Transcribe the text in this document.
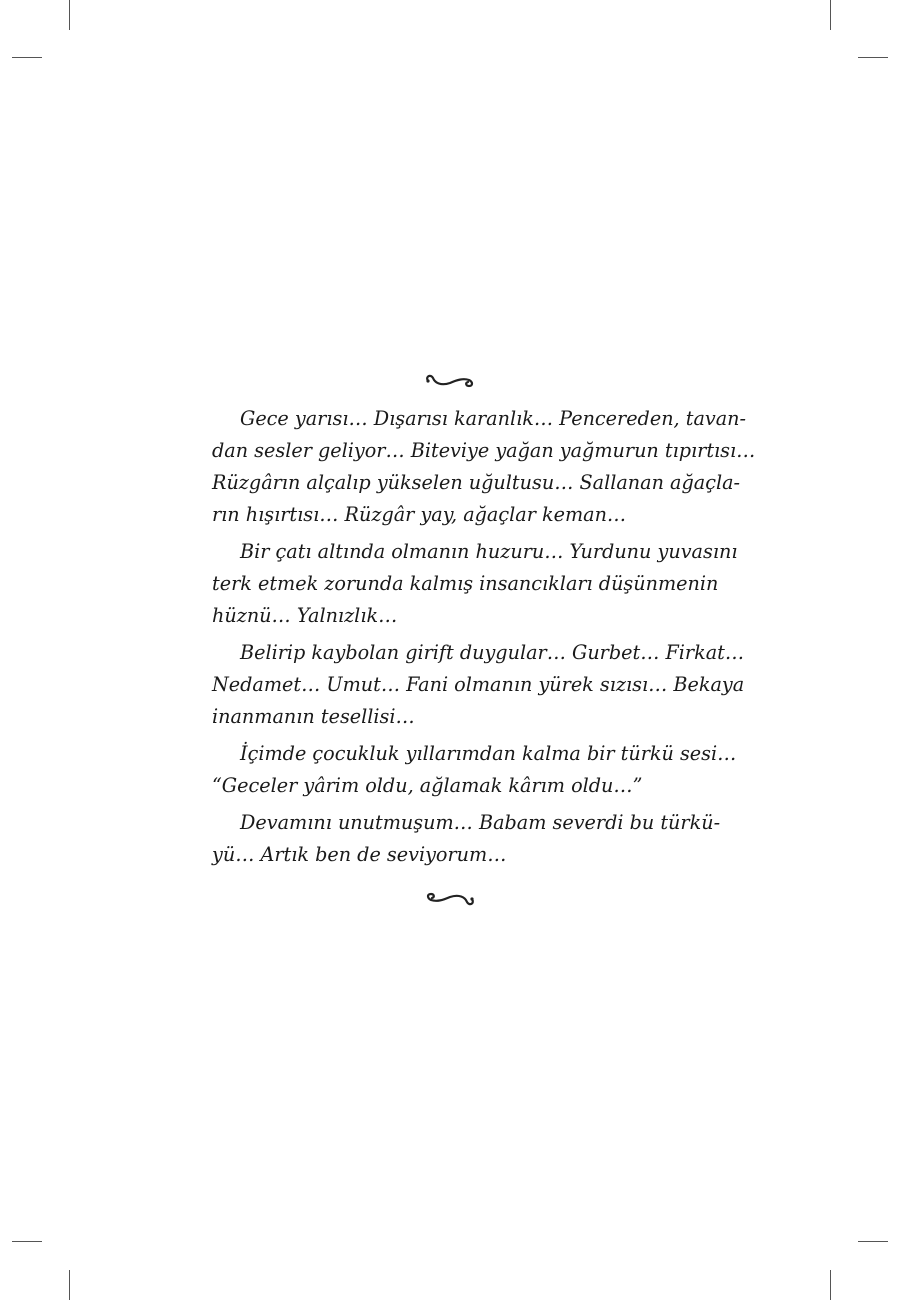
Gece yarısı… Dışarısı karanlık… Pencereden, tavan-
dan sesler geliyor… Biteviye yağan yağmurun tıpırtısı…
Rüzgârın alçalıp yükselen uğultusu… Sallanan ağaçla-
rın hışırtısı… Rüzgâr yay, ağaçlar keman…

Bir çatı altında olmanın huzuru… Yurdunu yuvasını
terk etmek zorunda kalmış insancıkları düşünmenin
hüznü… Yalnızlık…

Belirip kaybolan girift duygular… Gurbet… Firkat…
Nedamet… Umut… Fani olmanın yürek sızısı… Bekaya
inanmanın tesellisi…

İçimde çocukluk yıllarımdan kalma bir türkü sesi…
“Geceler yârim oldu, ağlamak kârım oldu…”

Devamını unutmuşum… Babam severdi bu türkü-
yü… Artık ben de seviyorum…
